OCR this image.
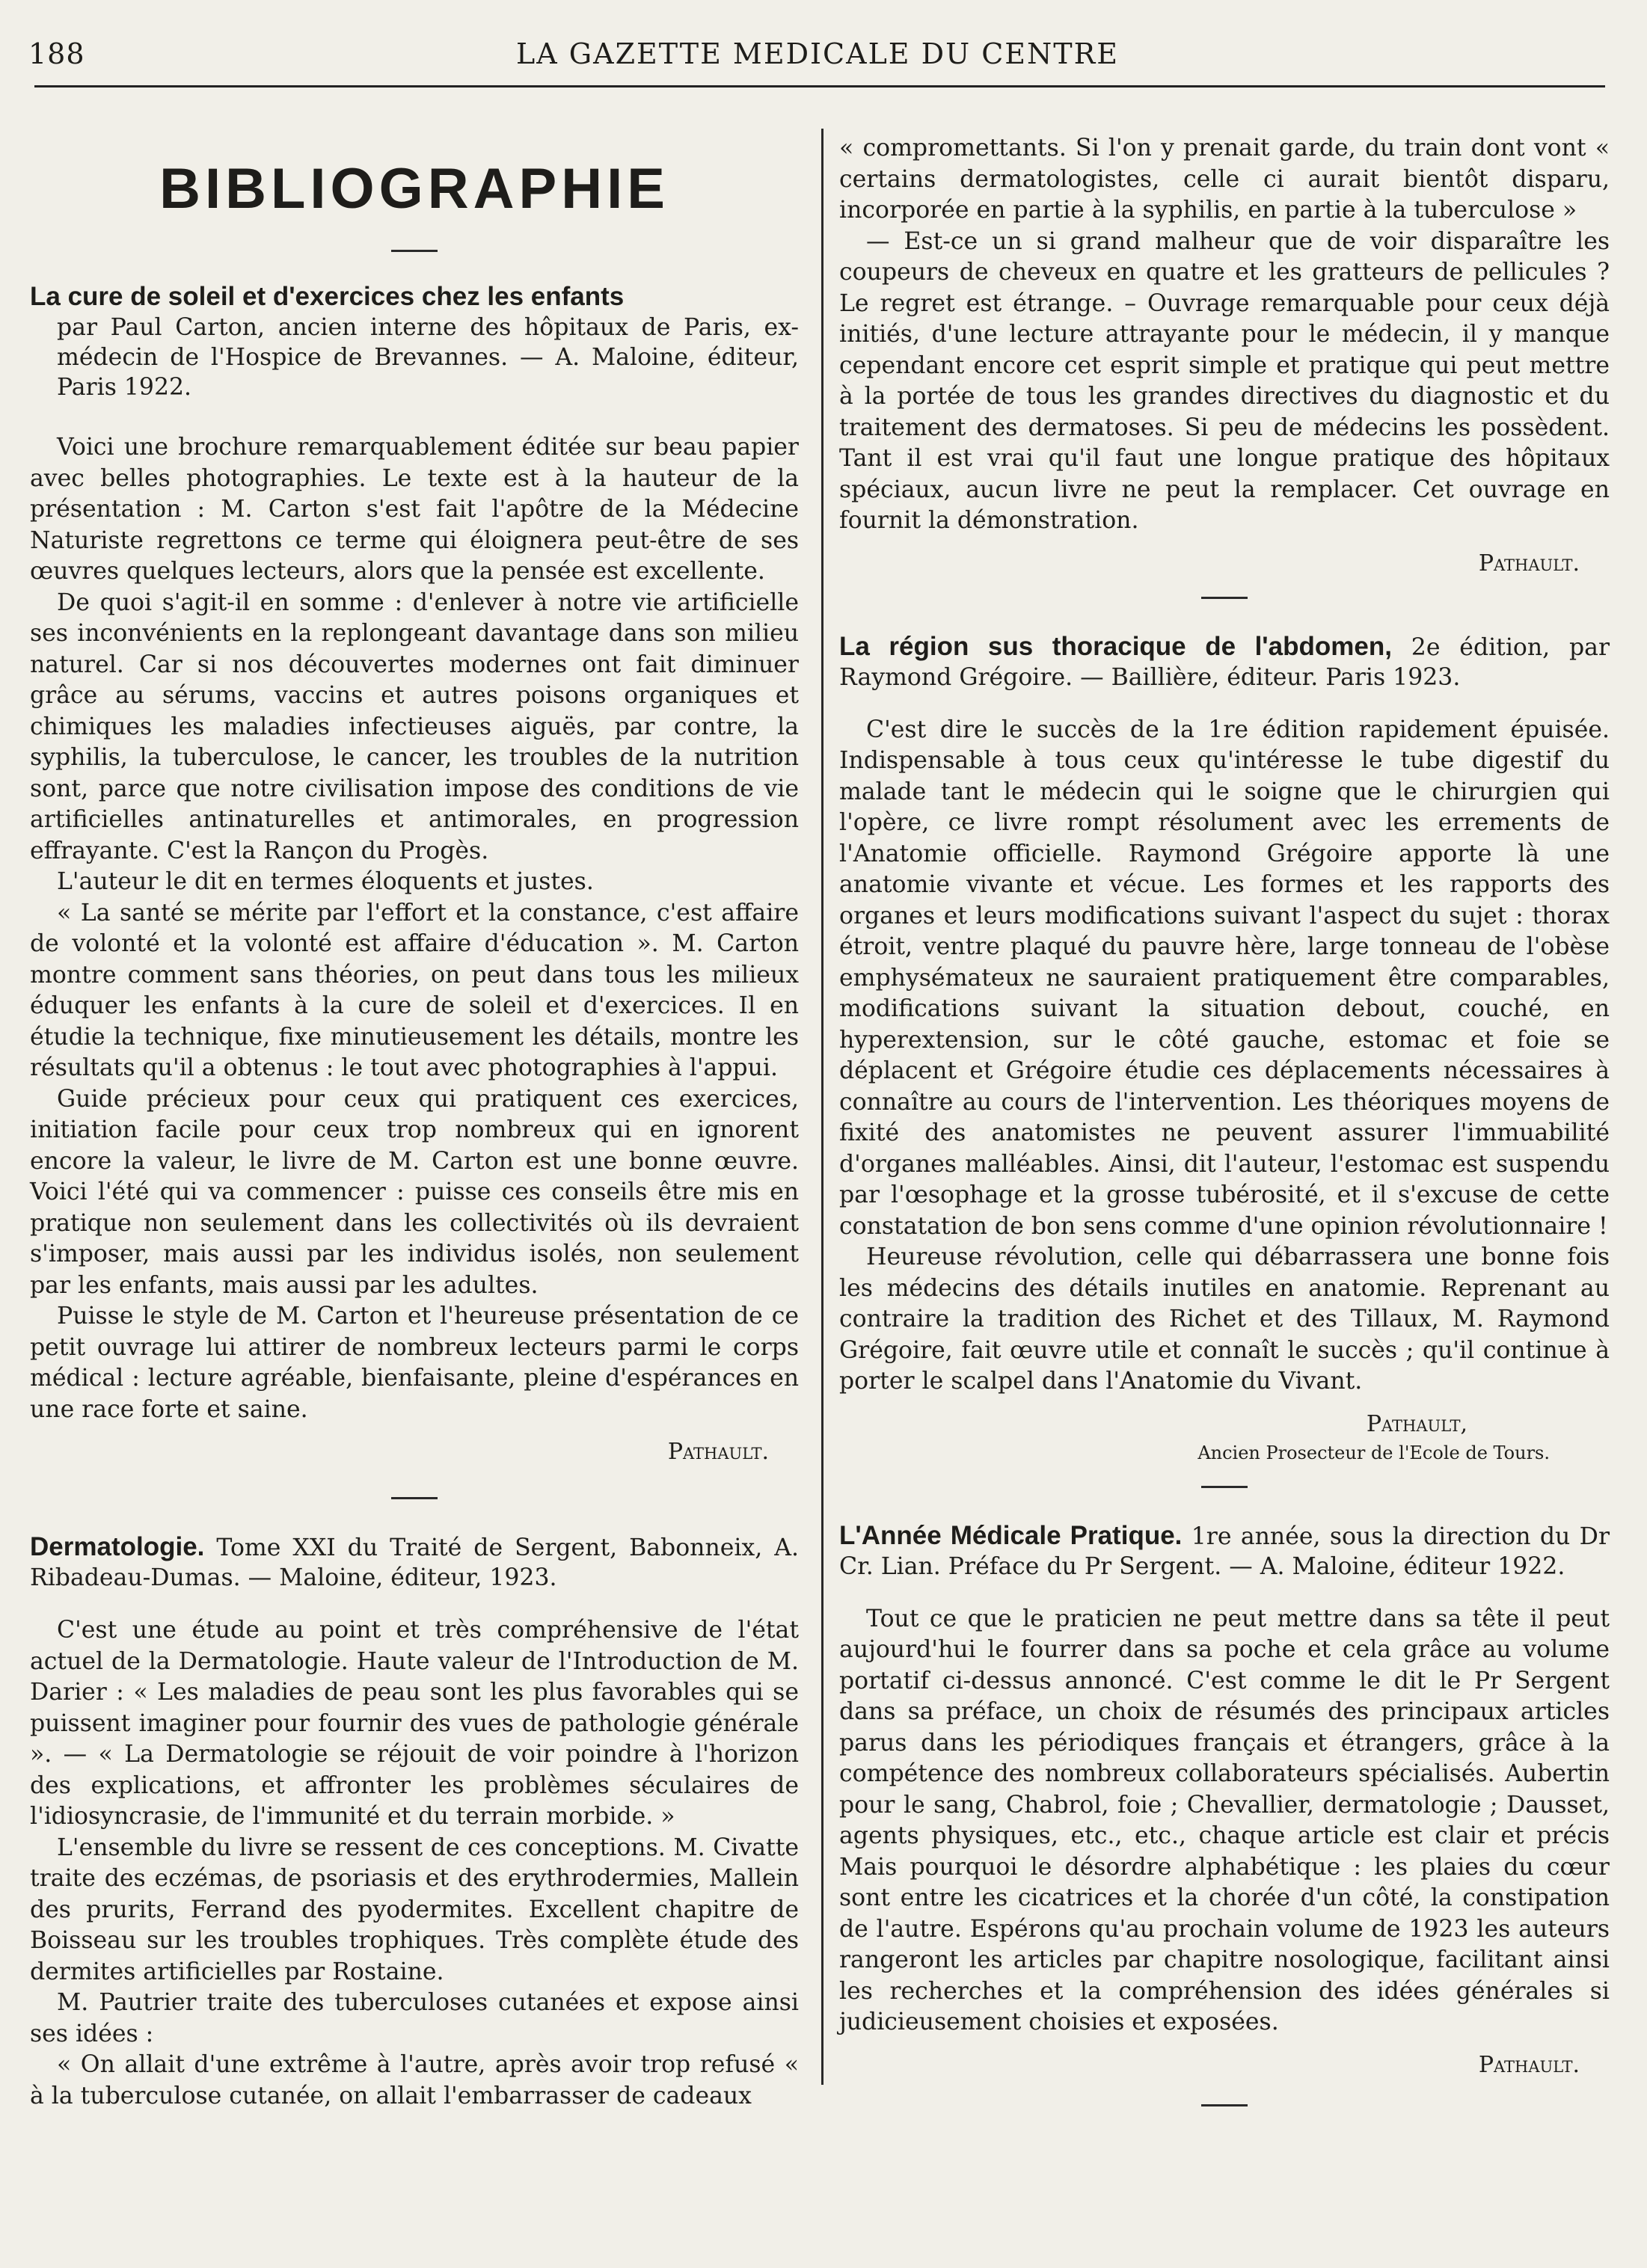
188	LA GAZETTE MEDICALE DU CENTRE
BIBLIOGRAPHIE
La cure de soleil et d'exercices chez les enfants
par Paul Carton, ancien interne des hôpitaux de Paris, ex-médecin de l'Hospice de Brevannes. — A. Maloine, éditeur, Paris 1922.

Voici une brochure remarquablement éditée sur beau papier avec belles photographies. Le texte est à la hauteur de la présentation : M. Carton s'est fait l'apôtre de la Médecine Naturiste regrettons ce terme qui éloignera peut-être de ses œuvres quelques lecteurs, alors que la pensée est excellente.

De quoi s'agit-il en somme : d'enlever à notre vie artificielle ses inconvénients en la replongeant davantage dans son milieu naturel. Car si nos découvertes modernes ont fait diminuer grâce au sérums, vaccins et autres poisons organiques et chimiques les maladies infectieuses aiguës, par contre, la syphilis, la tuberculose, le cancer, les troubles de la nutrition sont, parce que notre civilisation impose des conditions de vie artificielles antinaturelles et antimorales, en progression effrayante. C'est la Rançon du Progès.

L'auteur le dit en termes éloquents et justes.

« La santé se mérite par l'effort et la constance, c'est affaire de volonté et la volonté est affaire d'éducation ». M. Carton montre comment sans théories, on peut dans tous les milieux éduquer les enfants à la cure de soleil et d'exercices. Il en étudie la technique, fixe minutieusement les détails, montre les résultats qu'il a obtenus : le tout avec photographies à l'appui.

Guide précieux pour ceux qui pratiquent ces exercices, initiation facile pour ceux trop nombreux qui en ignorent encore la valeur, le livre de M. Carton est une bonne œuvre. Voici l'été qui va commencer : puisse ces conseils être mis en pratique non seulement dans les collectivités où ils devraient s'imposer, mais aussi par les individus isolés, non seulement par les enfants, mais aussi par les adultes.

Puisse le style de M. Carton et l'heureuse présentation de ce petit ouvrage lui attirer de nombreux lecteurs parmi le corps médical : lecture agréable, bienfaisante, pleine d'espérances en une race forte et saine.

Pathault.
Dermatologie. Tome XXI du Traité de Sergent, Babonneix, A. Ribadeau-Dumas. — Maloine, éditeur, 1923.

C'est une étude au point et très compréhensive de l'état actuel de la Dermatologie. Haute valeur de l'Introduction de M. Darier : « Les maladies de peau sont les plus favorables qui se puissent imaginer pour fournir des vues de pathologie générale ». — « La Dermatologie se réjouit de voir poindre à l'horizon des explications, et affronter les problèmes séculaires de l'idiosyncrasie, de l'immunité et du terrain morbide. »

L'ensemble du livre se ressent de ces conceptions. M. Civatte traite des eczémas, de psoriasis et des erythrodermies, Mallein des prurits, Ferrand des pyodermites. Excellent chapitre de Boisseau sur les troubles trophiques. Très complète étude des dermites artificielles par Rostaine.

M. Pautrier traite des tuberculoses cutanées et expose ainsi ses idées :

« On allait d'une extrême à l'autre, après avoir trop refusé « à la tuberculose cutanée, on allait l'embarrasser de cadeaux

« compromettants. Si l'on y prenait garde, du train dont vont « certains dermatologistes, celle ci aurait bientôt disparu, incorporée en partie à la syphilis, en partie à la tuberculose »

— Est-ce un si grand malheur que de voir disparaître les coupeurs de cheveux en quatre et les gratteurs de pellicules ? Le regret est étrange. – Ouvrage remarquable pour ceux déjà initiés, d'une lecture attrayante pour le médecin, il y manque cependant encore cet esprit simple et pratique qui peut mettre à la portée de tous les grandes directives du diagnostic et du traitement des dermatoses. Si peu de médecins les possèdent. Tant il est vrai qu'il faut une longue pratique des hôpitaux spéciaux, aucun livre ne peut la remplacer. Cet ouvrage en fournit la démonstration.

Pathault.
La région sus thoracique de l'abdomen, 2e édition, par Raymond Grégoire. — Baillière, éditeur. Paris 1923.

C'est dire le succès de la 1re édition rapidement épuisée. Indispensable à tous ceux qu'intéresse le tube digestif du malade tant le médecin qui le soigne que le chirurgien qui l'opère, ce livre rompt résolument avec les errements de l'Anatomie officielle. Raymond Grégoire apporte là une anatomie vivante et vécue. Les formes et les rapports des organes et leurs modifications suivant l'aspect du sujet : thorax étroit, ventre plaqué du pauvre hère, large tonneau de l'obèse emphysémateux ne sauraient pratiquement être comparables, modifications suivant la situation debout, couché, en hyperextension, sur le côté gauche, estomac et foie se déplacent et Grégoire étudie ces déplacements nécessaires à connaître au cours de l'intervention. Les théoriques moyens de fixité des anatomistes ne peuvent assurer l'immuabilité d'organes malléables. Ainsi, dit l'auteur, l'estomac est suspendu par l'œsophage et la grosse tubérosité, et il s'excuse de cette constatation de bon sens comme d'une opinion révolutionnaire !

Heureuse révolution, celle qui débarrassera une bonne fois les médecins des détails inutiles en anatomie. Reprenant au contraire la tradition des Richet et des Tillaux, M. Raymond Grégoire, fait œuvre utile et connaît le succès ; qu'il continue à porter le scalpel dans l'Anatomie du Vivant.

Pathault,
Ancien Prosecteur de l'Ecole de Tours.
L'Année Médicale Pratique. 1re année, sous la direction du Dr Cr. Lian. Préface du Pr Sergent. — A. Maloine, éditeur 1922.

Tout ce que le praticien ne peut mettre dans sa tête il peut aujourd'hui le fourrer dans sa poche et cela grâce au volume portatif ci-dessus annoncé. C'est comme le dit le Pr Sergent dans sa préface, un choix de résumés des principaux articles parus dans les périodiques français et étrangers, grâce à la compétence des nombreux collaborateurs spécialisés. Aubertin pour le sang, Chabrol, foie ; Chevallier, dermatologie ; Dausset, agents physiques, etc., etc., chaque article est clair et précis Mais pourquoi le désordre alphabétique : les plaies du cœur sont entre les cicatrices et la chorée d'un côté, la constipation de l'autre. Espérons qu'au prochain volume de 1923 les auteurs rangeront les articles par chapitre nosologique, facilitant ainsi les recherches et la compréhension des idées générales si judicieusement choisies et exposées.

Pathault.
